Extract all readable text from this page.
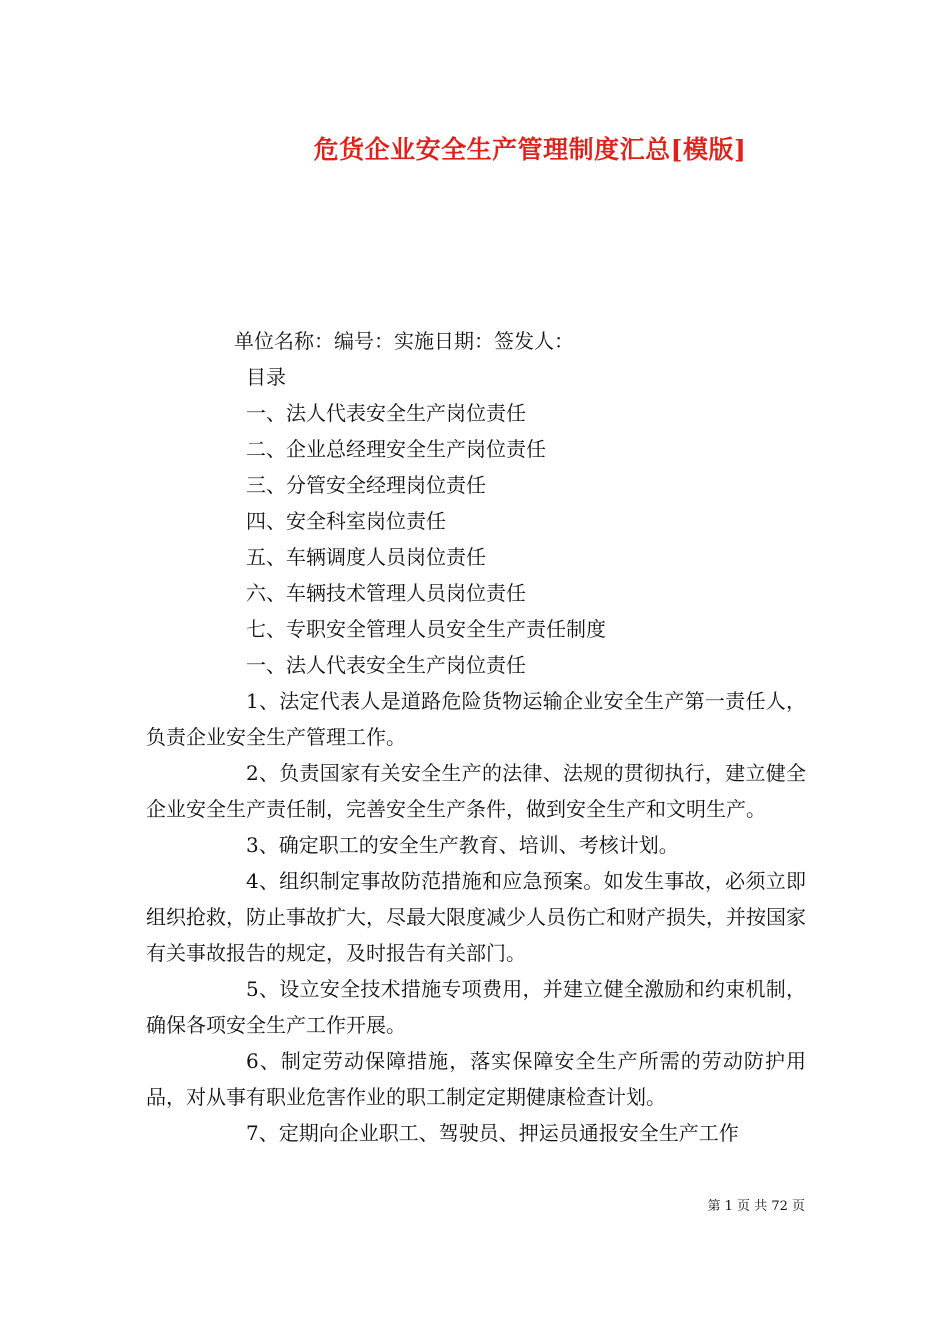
危货企业安全生产管理制度汇总[模版]
单位名称：编号：实施日期：签发人：
目录
一、法人代表安全生产岗位责任
二、企业总经理安全生产岗位责任
三、分管安全经理岗位责任
四、安全科室岗位责任
五、车辆调度人员岗位责任
六、车辆技术管理人员岗位责任
七、专职安全管理人员安全生产责任制度
一、法人代表安全生产岗位责任

1、法定代表人是道路危险货物运输企业安全生产第一责任人，负责企业安全生产管理工作。

2、负责国家有关安全生产的法律、法规的贯彻执行，建立健全企业安全生产责任制，完善安全生产条件，做到安全生产和文明生产。

3、确定职工的安全生产教育、培训、考核计划。

4、组织制定事故防范措施和应急预案。如发生事故，必须立即组织抢救，防止事故扩大，尽最大限度减少人员伤亡和财产损失，并按国家有关事故报告的规定，及时报告有关部门。

5、设立安全技术措施专项费用，并建立健全激励和约束机制，确保各项安全生产工作开展。

6、制定劳动保障措施，落实保障安全生产所需的劳动防护用品，对从事有职业危害作业的职工制定定期健康检查计划。

7、定期向企业职工、驾驶员、押运员通报安全生产工作

第 1 页 共 72 页
